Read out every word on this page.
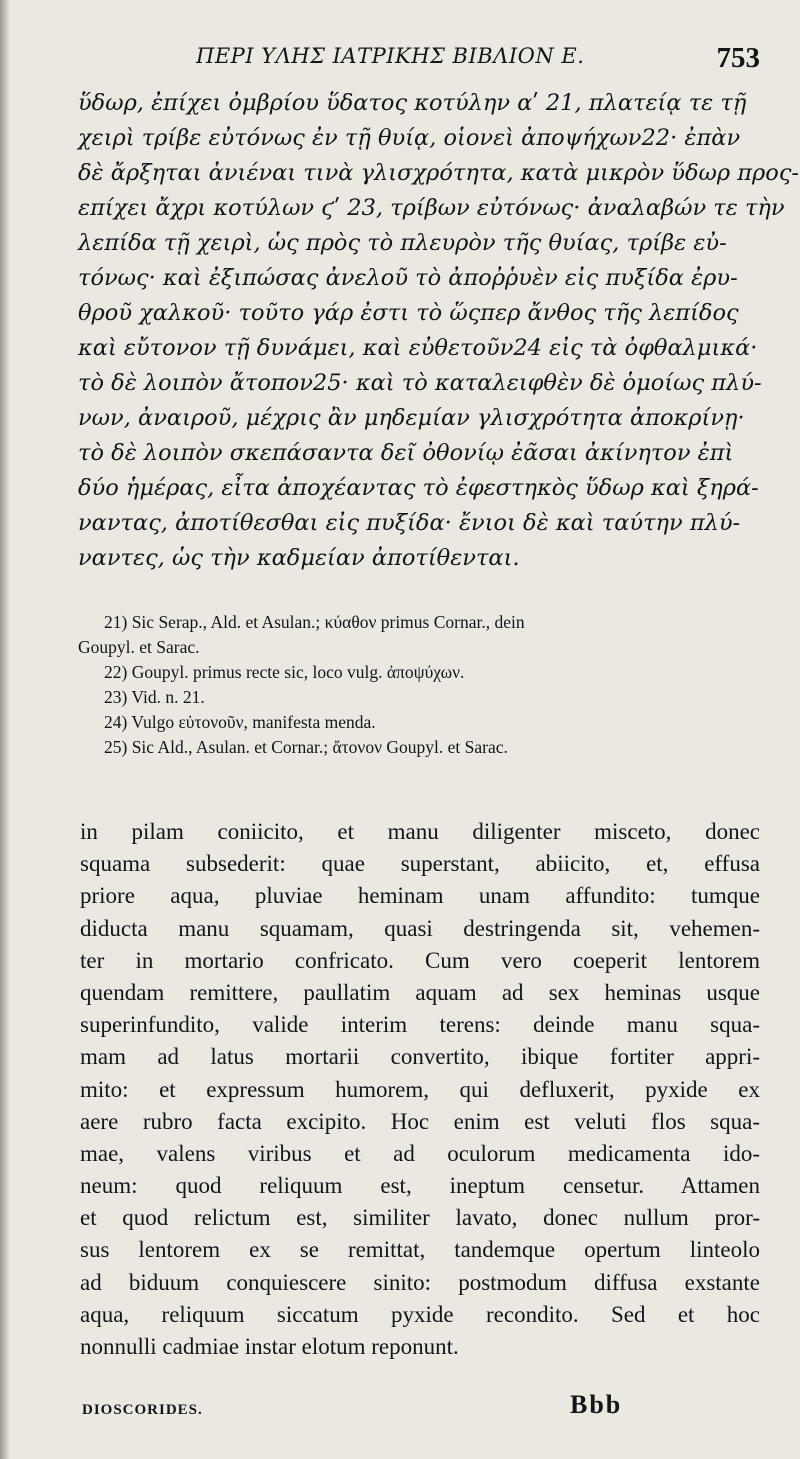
ΠΕΡΙ ΥΛΗΣ ΙΑΤΡΙΚΗΣ ΒΙΒΛΙΟΝ Ε.	753
ὕδωρ, ἐπίχει ὀμβρίου ὕδατος κοτύλην αʹ 21, πλατείᾳ τε τῇ
χειρὶ τρίβε εὐτόνως ἐν τῇ θυίᾳ, οἱονεὶ ἀποψήχων22· ἐπὰν
δὲ ἄρξηται ἀνιέναι τινὰ γλισχρότητα, κατὰ μικρὸν ὕδωρ προς-
επίχει ἄχρι κοτύλων ϛʹ 23, τρίβων εὐτόνως· ἀναλαβών τε τὴν
λεπίδα τῇ χειρὶ, ὡς πρὸς τὸ πλευρὸν τῆς θυίας, τρίβε εὐ-
τόνως· καὶ ἐξιπώσας ἀνελοῦ τὸ ἀποῤῥυὲν εἰς πυξίδα ἐρυ-
θροῦ χαλκοῦ· τοῦτο γάρ ἐστι τὸ ὥςπερ ἄνθος τῆς λεπίδος
καὶ εὔτονον τῇ δυνάμει, καὶ εὐθετοῦν24 εἰς τὰ ὀφθαλμικά·
τὸ δὲ λοιπὸν ἄτοπον25· καὶ τὸ καταλειφθὲν δὲ ὁμοίως πλύ-
νων, ἀναιροῦ, μέχρις ἂν μηδεμίαν γλισχρότητα ἀποκρίνῃ·
τὸ δὲ λοιπὸν σκεπάσαντα δεῖ ὀθονίῳ ἐᾶσαι ἀκίνητον ἐπὶ
δύο ἡμέρας, εἶτα ἀποχέαντας τὸ ἐφεστηκὸς ὕδωρ καὶ ξηρά-
ναντας, ἀποτίθεσθαι εἰς πυξίδα· ἔνιοι δὲ καὶ ταύτην πλύ-
ναντες, ὡς τὴν καδμείαν ἀποτίθενται.
21) Sic Serap., Ald. et Asulan.; κύαθον primus Cornar., dein
Goupyl. et Sarac.
22) Goupyl. primus recte sic, loco vulg. ἀποψύχων.
23) Vid. n. 21.
24) Vulgo εὐτονοῦν, manifesta menda.
25) Sic Ald., Asulan. et Cornar.; ἄτονον Goupyl. et Sarac.
in pilam coniicito, et manu diligenter misceto, donec
squama subsederit: quae superstant, abiicito, et, effusa
priore aqua, pluviae heminam unam affundito: tumque
diducta manu squamam, quasi destringenda sit, vehemen-
ter in mortario confricato. Cum vero coeperit lentorem
quendam remittere, paullatim aquam ad sex heminas usque
superinfundito, valide interim terens: deinde manu squa-
mam ad latus mortarii convertito, ibique fortiter appri-
mito: et expressum humorem, qui defluxerit, pyxide ex
aere rubro facta excipito. Hoc enim est veluti flos squa-
mae, valens viribus et ad oculorum medicamenta ido-
neum: quod reliquum est, ineptum censetur. Attamen
et quod relictum est, similiter lavato, donec nullum pror-
sus lentorem ex se remittat, tandemque opertum linteolo
ad biduum conquiescere sinito: postmodum diffusa exstante
aqua, reliquum siccatum pyxide recondito. Sed et hoc
nonnulli cadmiae instar elotum reponunt.
DIOSCORIDES.	Bbb
